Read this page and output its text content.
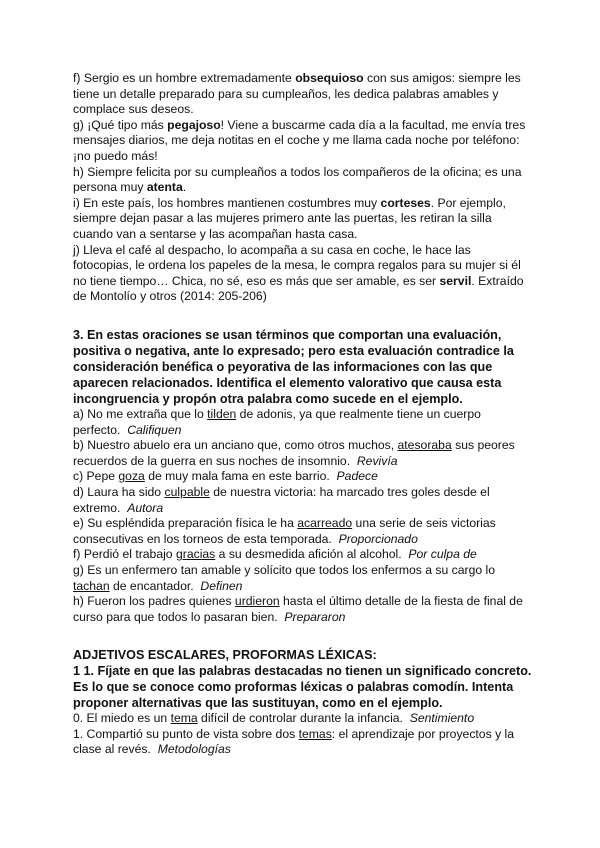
f) Sergio es un hombre extremadamente obsequioso con sus amigos: siempre les tiene un detalle preparado para su cumpleaños, les dedica palabras amables y complace sus deseos.

g) ¡Qué tipo más pegajoso! Viene a buscarme cada día a la facultad, me envía tres mensajes diarios, me deja notitas en el coche y me llama cada noche por teléfono: ¡no puedo más!

h) Siempre felicita por su cumpleaños a todos los compañeros de la oficina; es una persona muy atenta.

i) En este país, los hombres mantienen costumbres muy corteses. Por ejemplo, siempre dejan pasar a las mujeres primero ante las puertas, les retiran la silla cuando van a sentarse y las acompañan hasta casa.

j) Lleva el café al despacho, lo acompaña a su casa en coche, le hace las fotocopias, le ordena los papeles de la mesa, le compra regalos para su mujer si él no tiene tiempo… Chica, no sé, eso es más que ser amable, es ser servil. Extraído de Montolío y otros (2014: 205-206)

3. En estas oraciones se usan términos que comportan una evaluación, positiva o negativa, ante lo expresado; pero esta evaluación contradice la consideración benéfica o peyorativa de las informaciones con las que aparecen relacionados. Identifica el elemento valorativo que causa esta incongruencia y propón otra palabra como sucede en el ejemplo.

a) No me extraña que lo tilden de adonis, ya que realmente tiene un cuerpo perfecto. Califiquen

b) Nuestro abuelo era un anciano que, como otros muchos, atesoraba sus peores recuerdos de la guerra en sus noches de insomnio. Revivía

c) Pepe goza de muy mala fama en este barrio. Padece

d) Laura ha sido culpable de nuestra victoria: ha marcado tres goles desde el extremo. Autora

e) Su espléndida preparación física le ha acarreado una serie de seis victorias consecutivas en los torneos de esta temporada. Proporcionado

f) Perdió el trabajo gracias a su desmedida afición al alcohol. Por culpa de

g) Es un enfermero tan amable y solícito que todos los enfermos a su cargo lo tachan de encantador. Definen

h) Fueron los padres quienes urdieron hasta el último detalle de la fiesta de final de curso para que todos lo pasaran bien. Prepararon

ADJETIVOS ESCALARES, PROFORMAS LÉXICAS:

1 1. Fíjate en que las palabras destacadas no tienen un significado concreto. Es lo que se conoce como proformas léxicas o palabras comodín. Intenta proponer alternativas que las sustituyan, como en el ejemplo.

0. El miedo es un tema difícil de controlar durante la infancia. Sentimiento

1. Compartió su punto de vista sobre dos temas: el aprendizaje por proyectos y la clase al revés. Metodologías
